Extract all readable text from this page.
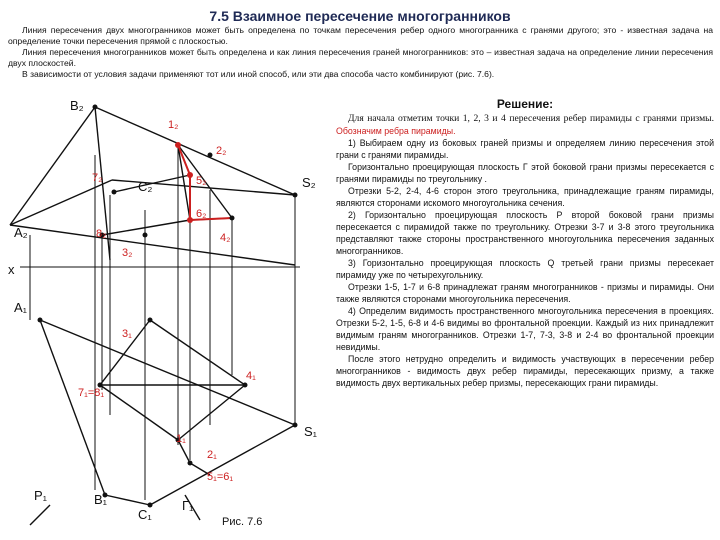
7.5 Взаимное пересечение многогранников

Линия пересечения двух многогранников может быть определена по точкам пересечения ребер одного многогранника с гранями другого; это - известная задача на определение точки пересечения прямой с плоскостью.

Линия пересечения многогранников может быть определена и как линия пересечения граней многогранников: это – известная задача на определение линии пересечения двух плоскостей.

В зависимости от условия задачи применяют тот или иной способ, или эти два способа часто комбинируют (рис. 7.6).

B₂
1₂
2₂
7₂
C₂	5₂	S₂
6₂
A₂	8₂	4₂
3₂
x
A₁
3₁
4₁
7₁=8₁
S₁
1₁
2₁
5₁=6₁
P₁	B₁
C₁
Г₁
Рис. 7.6
Решение:

Для начала отметим точки 1, 2, 3 и 4 пересечения ребер пирамиды с гранями призмы. Обозначим ребра пирамиды.

1) Выбираем одну из боковых граней призмы и определяем линию пересечения этой грани с гранями пирамиды.

Горизонтально проецирующая плоскость Г этой боковой грани призмы пересекается с гранями пирамиды по треугольнику .

Отрезки 5-2, 2-4, 4-6 сторон этого треугольника, принадлежащие граням пирамиды, являются сторонами искомого многоугольника сечения.

2) Горизонтально проецирующая плоскость Р второй боковой грани призмы пересекается с пирамидой также по треугольнику. Отрезки 3-7 и 3-8 этого треугольника представляют также стороны пространственного многоугольника пересечения заданных многогранников.

3) Горизонтально проецирующая плоскость Q третьей грани призмы пересекает пирамиду уже по четырехугольнику.

Отрезки 1-5, 1-7 и 6-8 принадлежат граням многогранников - призмы и пирамиды. Они также являются сторонами многоугольника пересечения.

4) Определим видимость пространственного многоугольника пересечения в проекциях. Отрезки 5-2, 1-5, 6-8 и 4-6 видимы во фронтальной проекции. Каждый из них принадлежит видимым граням многогранников. Отрезки 1-7, 7-3, 3-8 и 2-4 во фронтальной проекции невидимы.

После этого нетрудно определить и видимость участвующих в пересечении ребер многогранников - видимость двух ребер пирамиды, пересекающих призму, а также видимость двух вертикальных ребер призмы, пересекающих грани пирамиды.
